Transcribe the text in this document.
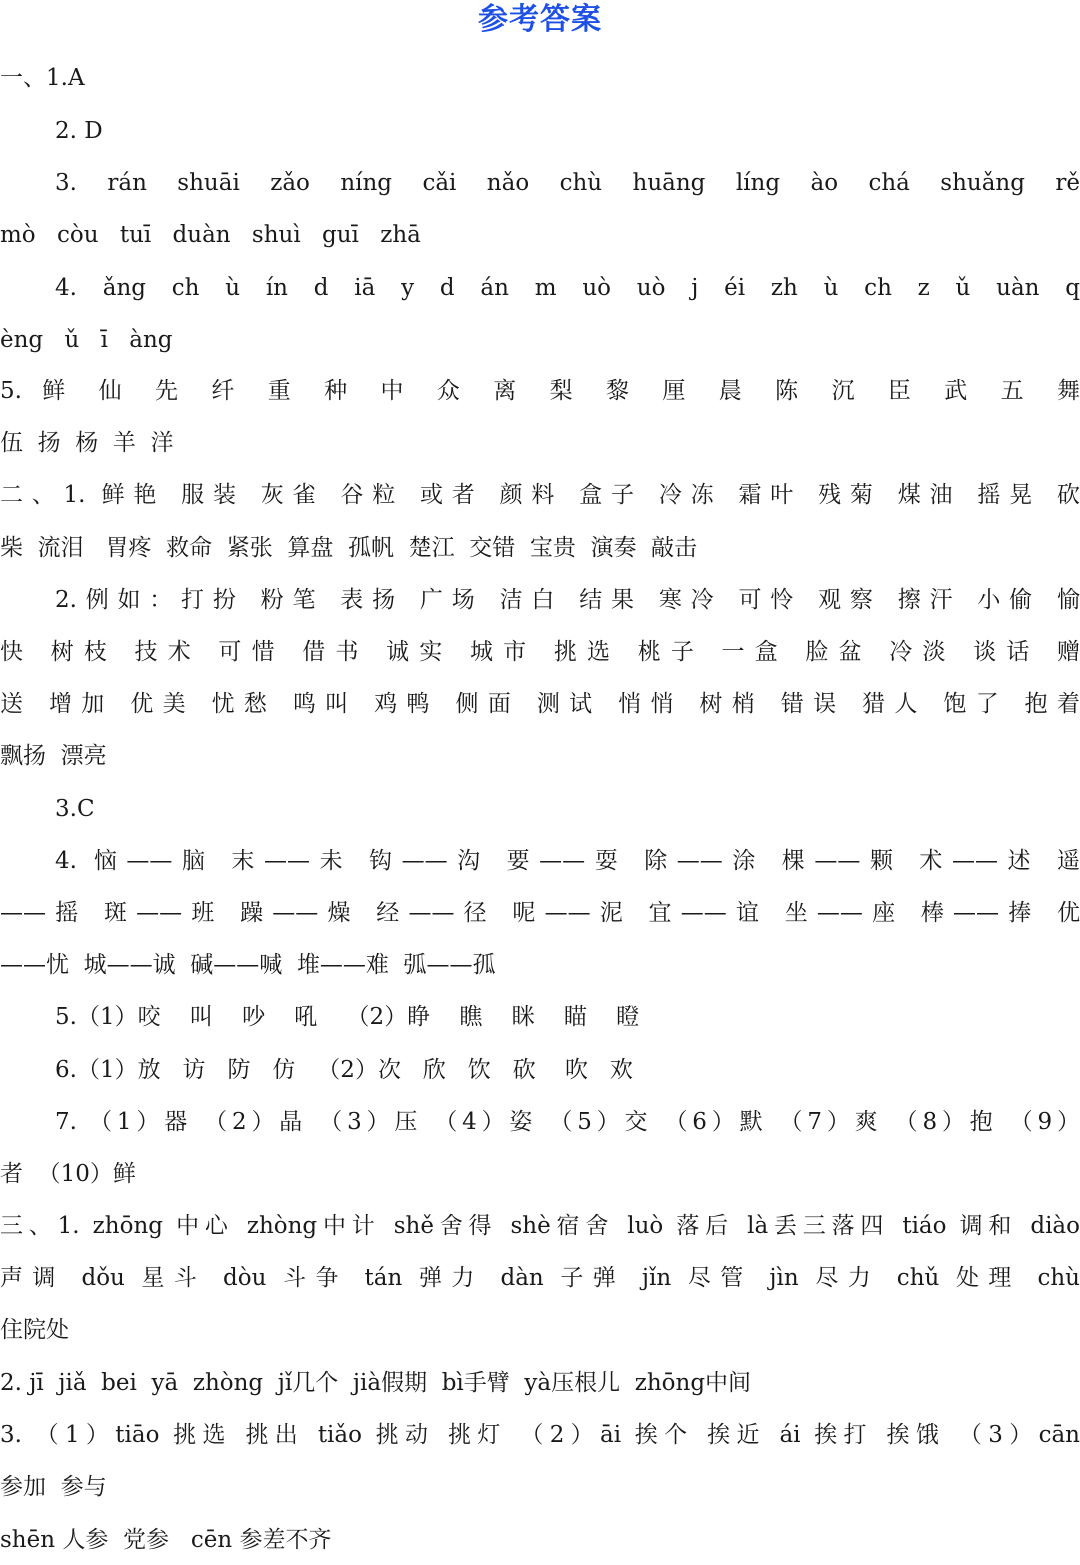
参考答案
一、1.A
2. D
3. rán shuāi zǎo níng cǎi nǎo chù huāng líng ào chá shuǎng rě
mò còu tuī duàn shuì guī zhā
4. ǎng ch ù ín d iā y d án m uò uò j éi zh ù ch z ǔ uàn q
èng ǔ ī àng
5. 鲜 仙 先 纤 重 种 中 众 离 梨 黎 厘 晨 陈 沉 臣 武 五 舞
伍  扬  杨  羊  洋
二、1. 鲜艳 服装 灰雀 谷粒 或者 颜料 盒子 冷冻 霜叶 残菊 煤油 摇晃 砍
柴  流泪   胃疼  救命  紧张  算盘  孤帆  楚江  交错  宝贵  演奏  敲击
2.例如：打扮 粉笔 表扬 广场 洁白 结果 寒冷 可怜 观察 擦汗 小偷 愉
快 树枝 技术 可惜 借书 诚实 城市 挑选 桃子 一盒 脸盆 冷淡 谈话 赠
送 增加 优美 忧愁 鸣叫 鸡鸭 侧面 测试 悄悄 树梢 错误 猎人 饱了 抱着
飘扬  漂亮
3.C
4. 恼——脑 末——未 钩——沟 要——耍 除——涂 棵——颗 术——述 遥
——摇 斑——班 躁——燥 经——径 呢——泥 宜——谊 坐——座 棒——捧 优
——忧  城——诚  碱——喊  堆——难  弧——孤
5.（1）咬    叫    吵    吼    （2）睁    瞧    眯    瞄    瞪
6.（1）放   访   防   仿   （2）次   欣   饮   砍    吹   欢
7. （1）器 （2）晶 （3）压 （4）姿 （5）交 （6）默 （7）爽 （8）抱 （9）
者  （10）鲜
三、1. zhōng 中心 zhòng中计 shě舍得 shè宿舍 luò 落后 là丢三落四 tiáo 调和 diào
声调 dǒu 星斗 dòu 斗争 tán 弹力 dàn 子弹 jǐn 尽管 jìn 尽力 chǔ 处理 chù
住院处
2. jī  jiǎ  bei  yā  zhòng  jǐ几个  jià假期  bì手臂  yà压根儿  zhōng中间
3. （1）tiāo 挑选 挑出 tiǎo 挑动 挑灯 （2）āi 挨个 挨近 ái 挨打 挨饿 （3）cān
参加  参与
shēn 人参  党参   cēn 参差不齐
